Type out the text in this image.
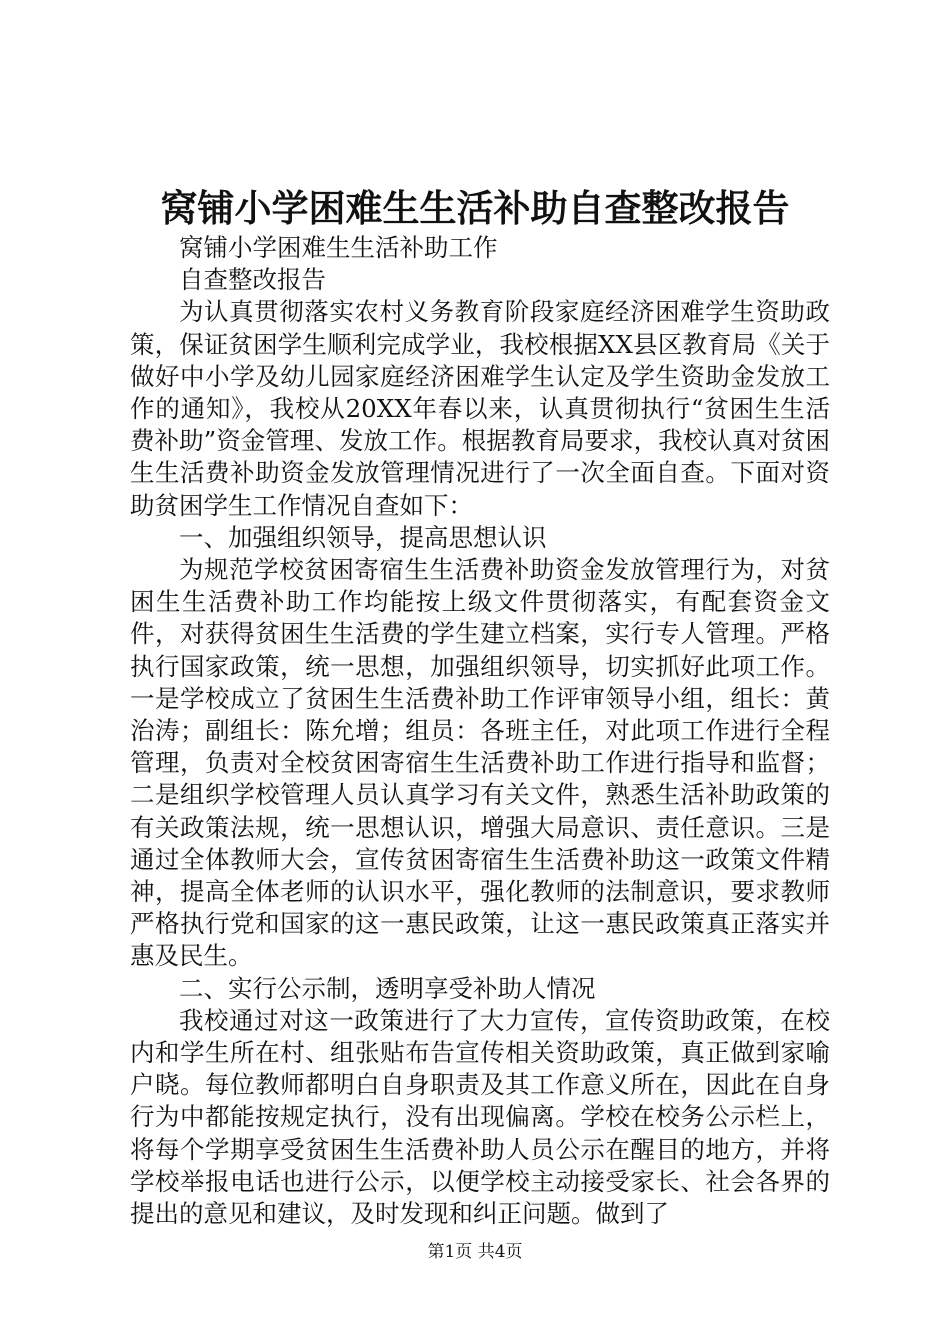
窝铺小学困难生生活补助自查整改报告

窝铺小学困难生生活补助工作

自查整改报告

为认真贯彻落实农村义务教育阶段家庭经济困难学生资助政策，保证贫困学生顺利完成学业，我校根据XX县区教育局《关于做好中小学及幼儿园家庭经济困难学生认定及学生资助金发放工作的通知》，我校从20XX年春以来，认真贯彻执行“贫困生生活费补助”资金管理、发放工作。根据教育局要求，我校认真对贫困生生活费补助资金发放管理情况进行了一次全面自查。下面对资助贫困学生工作情况自查如下：

一、加强组织领导，提高思想认识

为规范学校贫困寄宿生生活费补助资金发放管理行为，对贫困生生活费补助工作均能按上级文件贯彻落实，有配套资金文件，对获得贫困生生活费的学生建立档案，实行专人管理。严格执行国家政策，统一思想，加强组织领导，切实抓好此项工作。一是学校成立了贫困生生活费补助工作评审领导小组，组长：黄治涛；副组长：陈允增；组员：各班主任，对此项工作进行全程管理，负责对全校贫困寄宿生生活费补助工作进行指导和监督；二是组织学校管理人员认真学习有关文件，熟悉生活补助政策的有关政策法规，统一思想认识，增强大局意识、责任意识。三是通过全体教师大会，宣传贫困寄宿生生活费补助这一政策文件精神，提高全体老师的认识水平，强化教师的法制意识，要求教师严格执行党和国家的这一惠民政策，让这一惠民政策真正落实并惠及民生。

二、实行公示制，透明享受补助人情况

我校通过对这一政策进行了大力宣传，宣传资助政策，在校内和学生所在村、组张贴布告宣传相关资助政策，真正做到家喻户晓。每位教师都明白自身职责及其工作意义所在，因此在自身行为中都能按规定执行，没有出现偏离。学校在校务公示栏上，将每个学期享受贫困生生活费补助人员公示在醒目的地方，并将学校举报电话也进行公示，以便学校主动接受家长、社会各界的提出的意见和建议，及时发现和纠正问题。做到了

第1页 共4页
